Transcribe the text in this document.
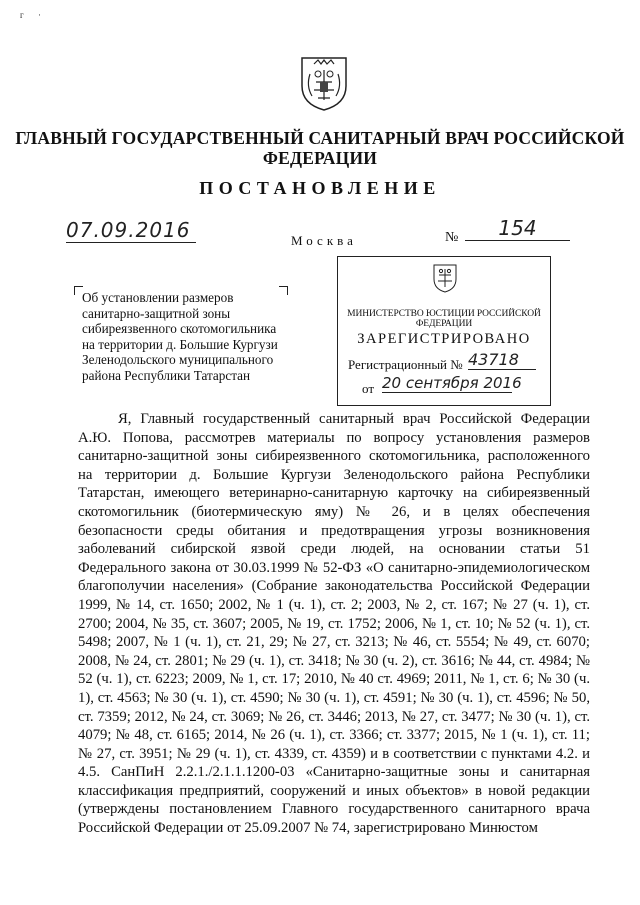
г ·
ГЛАВНЫЙ ГОСУДАРСТВЕННЫЙ САНИТАРНЫЙ ВРАЧ РОССИЙСКОЙ ФЕДЕРАЦИИ
ПОСТАНОВЛЕНИЕ
07.09.2016	Москва	№	154
Об установлении размеров санитарно-защитной зоны сибиреязвенного скотомогильника на территории д. Большие Кургузи Зеленодольского муниципального района Республики Татарстан
МИНИСТЕРСТВО ЮСТИЦИИ РОССИЙСКОЙ ФЕДЕРАЦИИ
ЗАРЕГИСТРИРОВАНО
Регистрационный № 43718
от 20 сентября 2016
Я, Главный государственный санитарный врач Российской Федерации А.Ю. Попова, рассмотрев материалы по вопросу установления размеров санитарно-защитной зоны сибиреязвенного скотомогильника, расположенного на территории д. Большие Кургузи Зеленодольского района Республики Татарстан, имеющего ветеринарно-санитарную карточку на сибиреязвенный скотомогильник (биотермическую яму) № 26, и в целях обеспечения безопасности среды обитания и предотвращения угрозы возникновения заболеваний сибирской язвой среди людей, на основании статьи 51 Федерального закона от 30.03.1999 № 52-ФЗ «О санитарно-эпидемиологическом благополучии населения» (Собрание законодательства Российской Федерации 1999, № 14, ст. 1650; 2002, № 1 (ч. 1), ст. 2; 2003, № 2, ст. 167; № 27 (ч. 1), ст. 2700; 2004, № 35, ст. 3607; 2005, № 19, ст. 1752; 2006, № 1, ст. 10; № 52 (ч. 1), ст. 5498; 2007, № 1 (ч. 1), ст. 21, 29; № 27, ст. 3213; № 46, ст. 5554; № 49, ст. 6070; 2008, № 24, ст. 2801; № 29 (ч. 1), ст. 3418; № 30 (ч. 2), ст. 3616; № 44, ст. 4984; № 52 (ч. 1), ст. 6223; 2009, № 1, ст. 17; 2010, № 40 ст. 4969; 2011, № 1, ст. 6; № 30 (ч. 1), ст. 4563; № 30 (ч. 1), ст. 4590; № 30 (ч. 1), ст. 4591; № 30 (ч. 1), ст. 4596; № 50, ст. 7359; 2012, № 24, ст. 3069; № 26, ст. 3446; 2013, № 27, ст. 3477; № 30 (ч. 1), ст. 4079; № 48, ст. 6165; 2014, № 26 (ч. 1), ст. 3366; ст. 3377; 2015, № 1 (ч. 1), ст. 11; № 27, ст. 3951; № 29 (ч. 1), ст. 4339, ст. 4359) и в соответствии с пунктами 4.2. и 4.5. СанПиН 2.2.1./2.1.1.1200-03 «Санитарно-защитные зоны и санитарная классификация предприятий, сооружений и иных объектов» в новой редакции (утверждены постановлением Главного государственного санитарного врача Российской Федерации от 25.09.2007 № 74, зарегистрировано Минюстом
